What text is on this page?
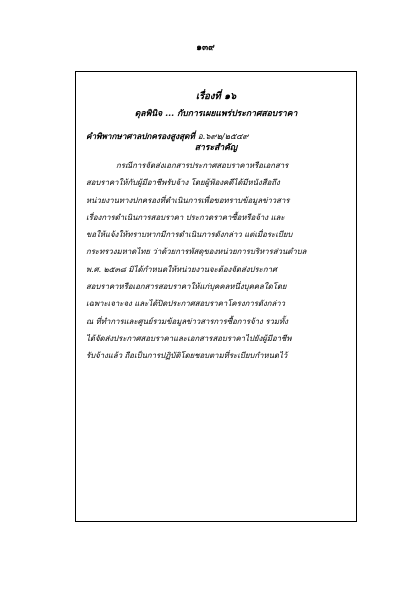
๑๓๙
เรื่องที่ ๑๖
ดุลพินิจ ... กับการเผยแพร่ประกาศสอบราคา
คำพิพากษาศาลปกครองสูงสุดที่ อ.๖๙๒/๒๕๔๙
สาระสำคัญ
กรณีการจัดส่งเอกสารประกาศสอบราคาหรือเอกสาร
สอบราคาให้กับผู้มีอาชีพรับจ้าง โดยผู้ฟ้องคดีได้มีหนังสือถึง
หน่วยงานทางปกครองที่ดำเนินการเพื่อขอทราบข้อมูลข่าวสาร
เรื่องการดำเนินการสอบราคา ประกวดราคาซื้อหรือจ้าง และ
ขอให้แจ้งให้ทราบหากมีการดำเนินการดังกล่าว แต่เมื่อระเบียบ
กระทรวงมหาดไทย ว่าด้วยการพัสดุของหน่วยการบริหารส่วนตำบล
พ.ศ. ๒๕๓๘ มิได้กำหนดให้หน่วยงานจะต้องจัดส่งประกาศ
สอบราคาหรือเอกสารสอบราคาให้แก่บุคคลหนึ่งบุคคลใดโดย
เฉพาะเจาะจง และได้ปิดประกาศสอบราคาโครงการดังกล่าว
ณ ที่ทำการและศูนย์รวมข้อมูลข่าวสารการซื้อการจ้าง รวมทั้ง
ได้จัดส่งประกาศสอบราคาและเอกสารสอบราคาไปยังผู้มีอาชีพ
รับจ้างแล้ว ถือเป็นการปฏิบัติโดยชอบตามที่ระเบียบกำหนดไว้
